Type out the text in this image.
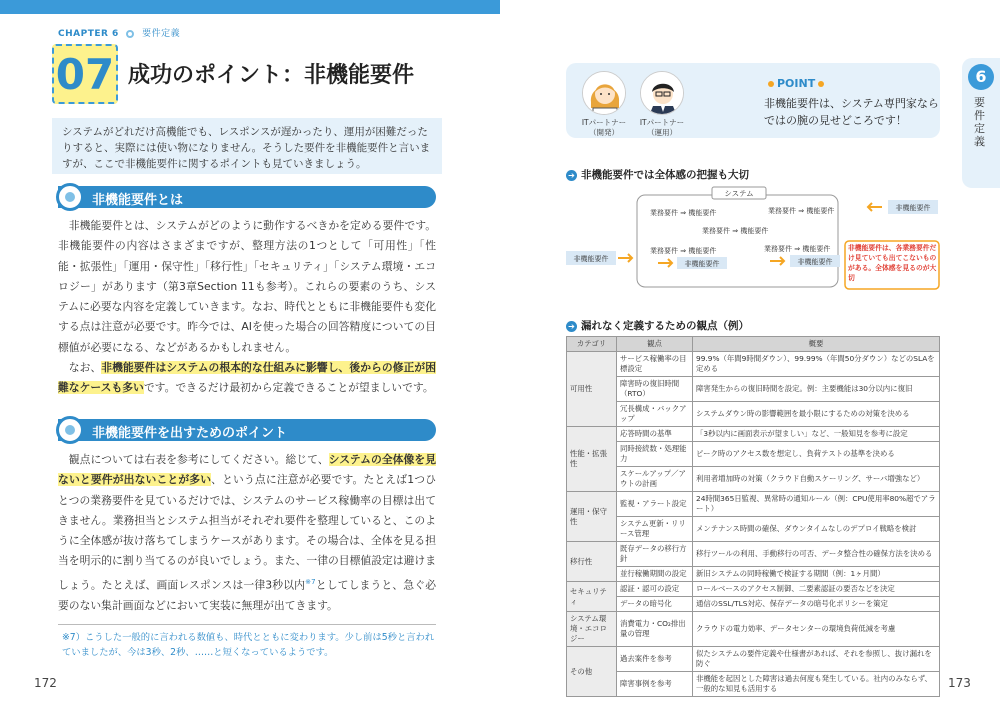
CHAPTER 6	要件定義
07 成功のポイント：非機能要件
システムがどれだけ高機能でも、レスポンスが遅かったり、運用が困難だったりすると、実際には使い物になりません。そうした要件を非機能要件と言いますが、ここで非機能要件に関するポイントも見ていきましょう。
非機能要件とは

非機能要件とは、システムがどのように動作するべきかを定める要件です。非機能要件の内容はさまざまですが、整理方法の1つとして「可用性」「性能・拡張性」「運用・保守性」「移行性」「セキュリティ」「システム環境・エコロジー」があります（第3章Section 11も参考）。これらの要素のうち、システムに必要な内容を定義していきます。なお、時代とともに非機能要件も変化する点は注意が必要です。昨今では、AIを使った場合の回答精度についての目標値が必要になる、などがあるかもしれません。

なお、非機能要件はシステムの根本的な仕組みに影響し、後からの修正が困難なケースも多いです。できるだけ最初から定義できることが望ましいです。

非機能要件を出すためのポイント

観点については右表を参考にしてください。総じて、システムの全体像を見ないと要件が出ないことが多い、という点に注意が必要です。たとえば1つひとつの業務要件を見ているだけでは、システムのサービス稼働率の目標は出てきません。業務担当とシステム担当がそれぞれ要件を整理していると、このように全体感が抜け落ちてしまうケースがあります。その場合は、全体を見る担当を明示的に割り当てるのが良いでしょう。また、一律の目標値設定は避けましょう。たとえば、画面レスポンスは一律3秒以内$^{※7}$としてしまうと、急ぐ必要のない集計画面などにおいて実装に無理が出てきます。

※7）こうした一般的に言われる数値も、時代とともに変わります。少し前は5秒と言われていましたが、今は3秒、2秒、……と短くなっているようです。
172
6
要件定義
ITパートナー（開発）
ITパートナー（運用）
POINT
非機能要件は、システム専門家ならではの腕の見せどころです！
➔ 非機能要件では全体感の把握も大切
システム
業務要件 ⇒ 機能要件	業務要件 ⇒ 機能要件
業務要件 ⇒ 機能要件
業務要件 ⇒ 機能要件	業務要件 ⇒ 機能要件
非機能要件	非機能要件
非機能要件
非機能要件
非機能要件は、各業務要件だけ見ていても出てこないものがある。全体感を見るのが大切
➔ 漏れなく定義するための観点（例）
カテゴリ	観点	概要
可用性	サービス稼働率の目標設定	99.9%（年間9時間ダウン）、99.99%（年間50分ダウン）などのSLAを定める
	障害時の復旧時間（RTO）	障害発生からの復旧時間を設定。例：主要機能は30分以内に復旧
	冗長構成・バックアップ	システムダウン時の影響範囲を最小限にするための対策を決める
性能・拡張性	応答時間の基準	「3秒以内に画面表示が望ましい」など、一般知見を参考に設定
	同時接続数・処理能力	ピーク時のアクセス数を想定し、負荷テストの基準を決める
	スケールアップ／アウトの計画	利用者増加時の対策（クラウド自動スケーリング、サーバ増強など）
運用・保守性	監視・アラート設定	24時間365日監視、異常時の通知ルール（例：CPU使用率80%超でアラート）
	システム更新・リリース管理	メンテナンス時間の確保、ダウンタイムなしのデプロイ戦略を検討
移行性	既存データの移行方針	移行ツールの利用、手動移行の可否、データ整合性の確保方法を決める
	並行稼働期間の設定	新旧システムの同時稼働で検証する期間（例：1ヶ月間）
セキュリティ	認証・認可の設定	ロールベースのアクセス制御、二要素認証の要否などを決定
	データの暗号化	通信のSSL/TLS対応、保存データの暗号化ポリシーを策定
システム環境・エコロジー	消費電力・CO₂排出量の管理	クラウドの電力効率、データセンターの環境負荷低減を考慮
その他	過去案件を参考	似たシステムの要件定義や仕様書があれば、それを参照し、抜け漏れを防ぐ
	障害事例を参考	非機能を起因とした障害は過去何度も発生している。社内のみならず、一般的な知見も活用する	173
